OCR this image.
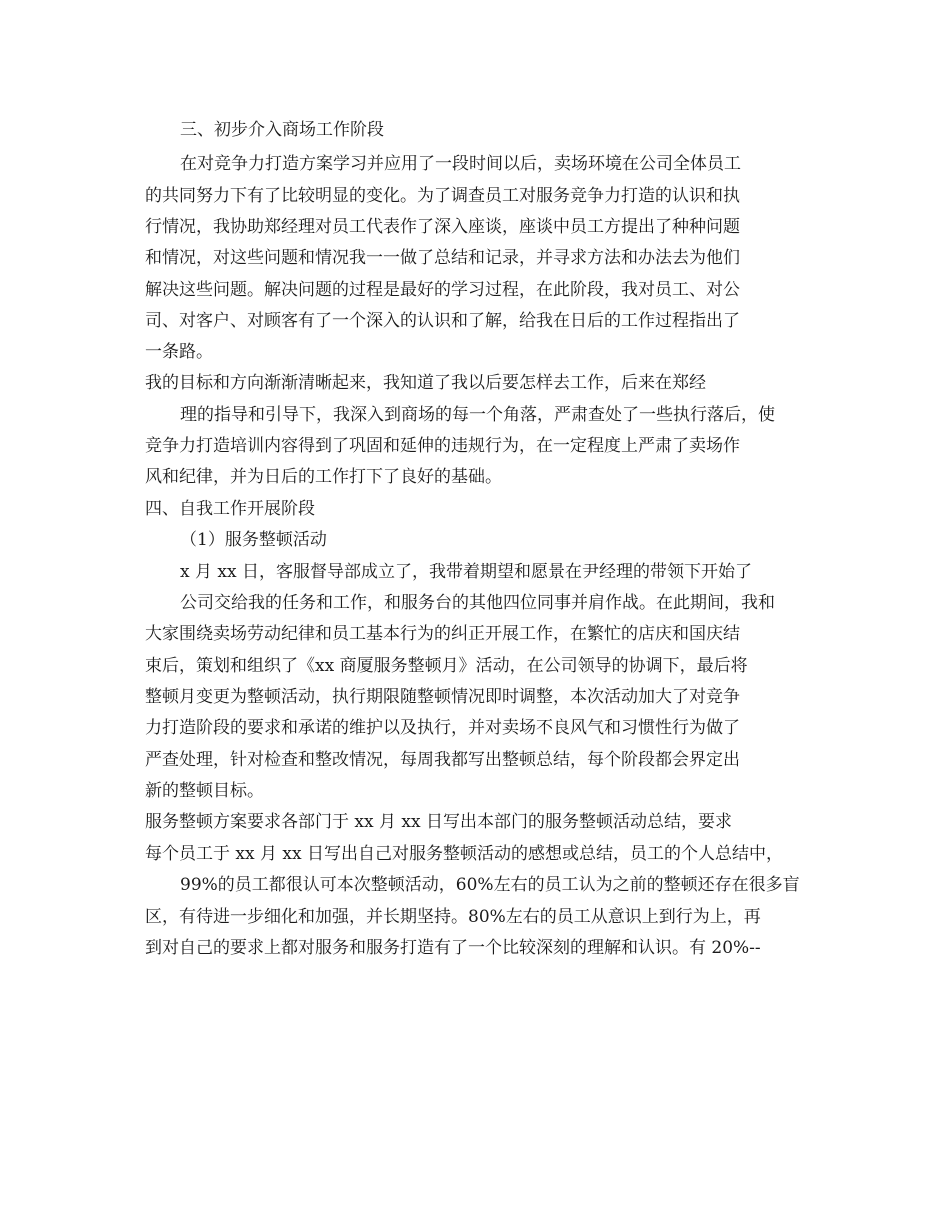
三、初步介入商场工作阶段

在对竞争力打造方案学习并应用了一段时间以后，卖场环境在公司全体员工

的共同努力下有了比较明显的变化。为了调查员工对服务竞争力打造的认识和执

行情况，我协助郑经理对员工代表作了深入座谈，座谈中员工方提出了种种问题

和情况，对这些问题和情况我一一做了总结和记录，并寻求方法和办法去为他们

解决这些问题。解决问题的过程是最好的学习过程，在此阶段，我对员工、对公

司、对客户、对顾客有了一个深入的认识和了解，给我在日后的工作过程指出了

一条路。

我的目标和方向渐渐清晰起来，我知道了我以后要怎样去工作，后来在郑经

理的指导和引导下，我深入到商场的每一个角落，严肃查处了一些执行落后，使

竞争力打造培训内容得到了巩固和延伸的违规行为，在一定程度上严肃了卖场作

风和纪律，并为日后的工作打下了良好的基础。

四、自我工作开展阶段

（1）服务整顿活动

x 月 xx 日，客服督导部成立了，我带着期望和愿景在尹经理的带领下开始了

公司交给我的任务和工作，和服务台的其他四位同事并肩作战。在此期间，我和

大家围绕卖场劳动纪律和员工基本行为的纠正开展工作，在繁忙的店庆和国庆结

束后，策划和组织了《xx 商厦服务整顿月》活动，在公司领导的协调下，最后将

整顿月变更为整顿活动，执行期限随整顿情况即时调整，本次活动加大了对竞争

力打造阶段的要求和承诺的维护以及执行，并对卖场不良风气和习惯性行为做了

严查处理，针对检查和整改情况，每周我都写出整顿总结，每个阶段都会界定出

新的整顿目标。

服务整顿方案要求各部门于 xx 月 xx 日写出本部门的服务整顿活动总结，要求

每个员工于 xx 月 xx 日写出自己对服务整顿活动的感想或总结，员工的个人总结中，

99%的员工都很认可本次整顿活动，60%左右的员工认为之前的整顿还存在很多盲

区，有待进一步细化和加强，并长期坚持。80%左右的员工从意识上到行为上，再

到对自己的要求上都对服务和服务打造有了一个比较深刻的理解和认识。有 20%--
